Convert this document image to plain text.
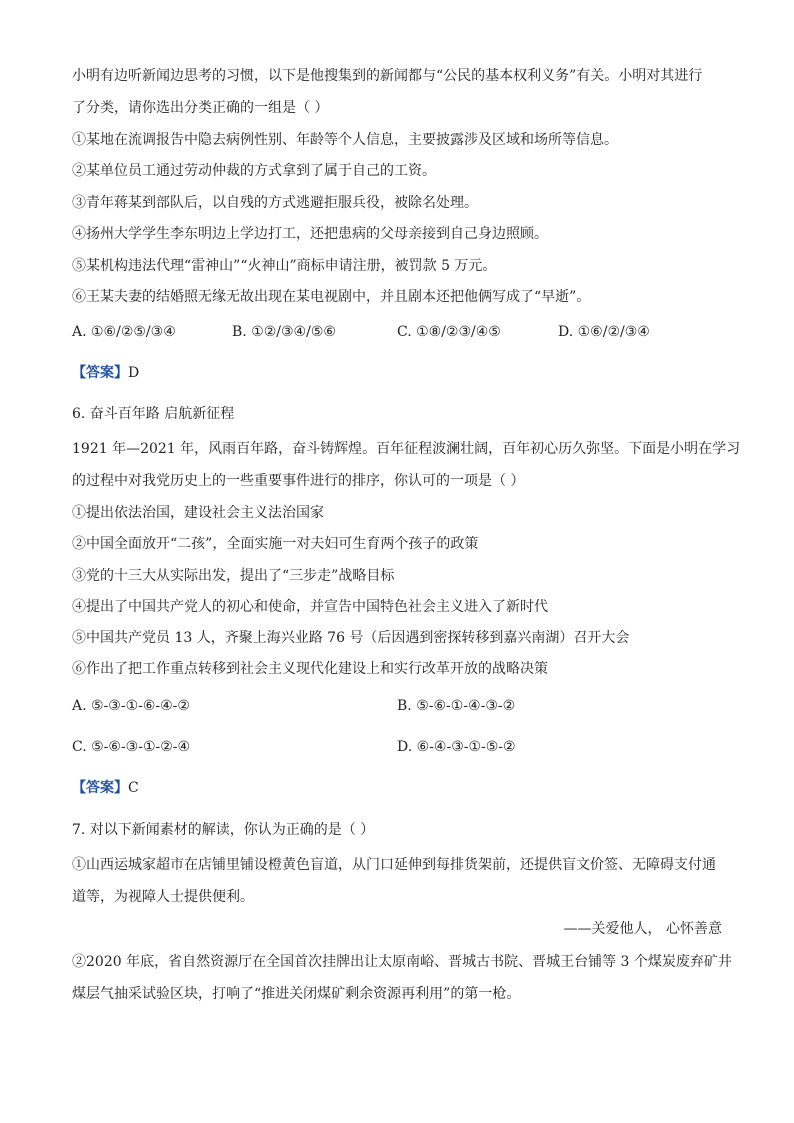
小明有边听新闻边思考的习惯，以下是他搜集到的新闻都与“公民的基本权利义务”有关。小明对其进行
了分类，请你选出分类正确的一组是（ ）
①某地在流调报告中隐去病例性别、年龄等个人信息，主要披露涉及区域和场所等信息。
②某单位员工通过劳动仲裁的方式拿到了属于自己的工资。
③青年蒋某到部队后，以自残的方式逃避拒服兵役，被除名处理。
④扬州大学学生李东明边上学边打工，还把患病的父母亲接到自己身边照顾。
⑤某机构违法代理“雷神山”“火神山”商标申请注册，被罚款 5 万元。
⑥王某夫妻的结婚照无缘无故出现在某电视剧中，并且剧本还把他俩写成了“早逝”。
A. ①⑥/②⑤/③④	B. ①②/③④/⑤⑥	C. ①⑧/②③/④⑤	D. ①⑥/②/③④
【答案】D
6. 奋斗百年路 启航新征程
1921 年—2021 年，风雨百年路，奋斗铸辉煌。百年征程波澜壮阔，百年初心历久弥坚。下面是小明在学习
的过程中对我党历史上的一些重要事件进行的排序，你认可的一项是（ ）
①提出依法治国，建设社会主义法治国家
②中国全面放开“二孩”，全面实施一对夫妇可生育两个孩子的政策
③党的十三大从实际出发，提出了“三步走”战略目标
④提出了中国共产党人的初心和使命，并宣告中国特色社会主义进入了新时代
⑤中国共产党员 13 人，齐聚上海兴业路 76 号（后因遇到密探转移到嘉兴南湖）召开大会
⑥作出了把工作重点转移到社会主义现代化建设上和实行改革开放的战略决策
A. ⑤-③-①-⑥-④-②	B. ⑤-⑥-①-④-③-②
C. ⑤-⑥-③-①-②-④	D. ⑥-④-③-①-⑤-②
【答案】C
7. 对以下新闻素材的解读，你认为正确的是（ ）
①山西运城家超市在店铺里铺设橙黄色盲道，从门口延伸到每排货架前，还提供盲文价签、无障碍支付通
道等，为视障人士提供便利。
——关爱他人， 心怀善意
②2020 年底，省自然资源厅在全国首次挂牌出让太原南峪、晋城古书院、晋城王台铺等 3 个煤炭废弃矿井
煤层气抽采试验区块，打响了“推进关闭煤矿剩余资源再利用”的第一枪。
